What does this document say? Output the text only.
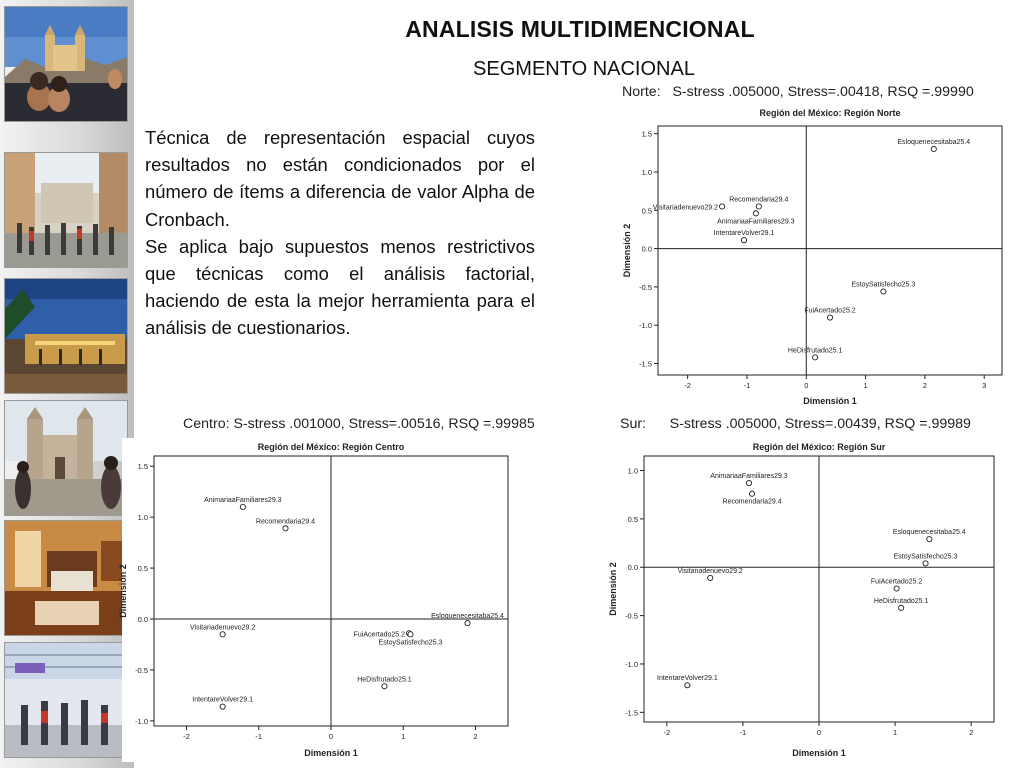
ANALISIS MULTIDIMENCIONAL
SEGMENTO NACIONAL

Técnica de representación espacial cuyos resultados no están condicionados por el número de ítems a diferencia de valor Alpha de Cronbach.

Se aplica bajo supuestos menos restrictivos que técnicas como el análisis factorial, haciendo de esta la mejor herramienta para el análisis de cuestionarios.

Norte:   S-stress .005000, Stress=.00418, RSQ =.99990
Centro: S-stress .001000, Stress=.00516, RSQ =.99985	Sur:      S-stress .005000, Stress=.00439, RSQ =.99989
Región del México: Región Norte
-2	-1	0	1	2	3
-1.5
-1.0
-0.5
0.0
0.5
1.0
1.5
Dimensión 1
Dimensión 2
Esloquenecesitaba25.4
Recomendaria29.4
Visitariadenuevo29.2
AnimariaaFamiliares29.3
IntentareVolver29.1
EstoySatisfecho25.3
FuiAcertado25.2
HeDisfrutado25.1
Región del México: Región Centro
-2	-1	0	1	2
-1.0
-0.5
0.0
0.5
1.0
1.5
Dimensión 1
Dimensión 2
AnimariaaFamiliares29.3
Recomendaria29.4
Visitariadenuevo29.2
Esloquenecesitaba25.4
FuiAcertado25.2
EstoySatisfecho25.3
HeDisfrutado25.1
IntentareVolver29.1
Región del México: Región Sur
-2	-1	0	1	2
-1.5
-1.0
-0.5
0.0
0.5
1.0
Dimensión 1
Dimensión 2
AnimariaaFamiliares29.3
Recomendaria29.4
Visitariadenuevo29.2
Esloquenecesitaba25.4
EstoySatisfecho25.3
FuiAcertado25.2
HeDisfrutado25.1
IntentareVolver29.1
